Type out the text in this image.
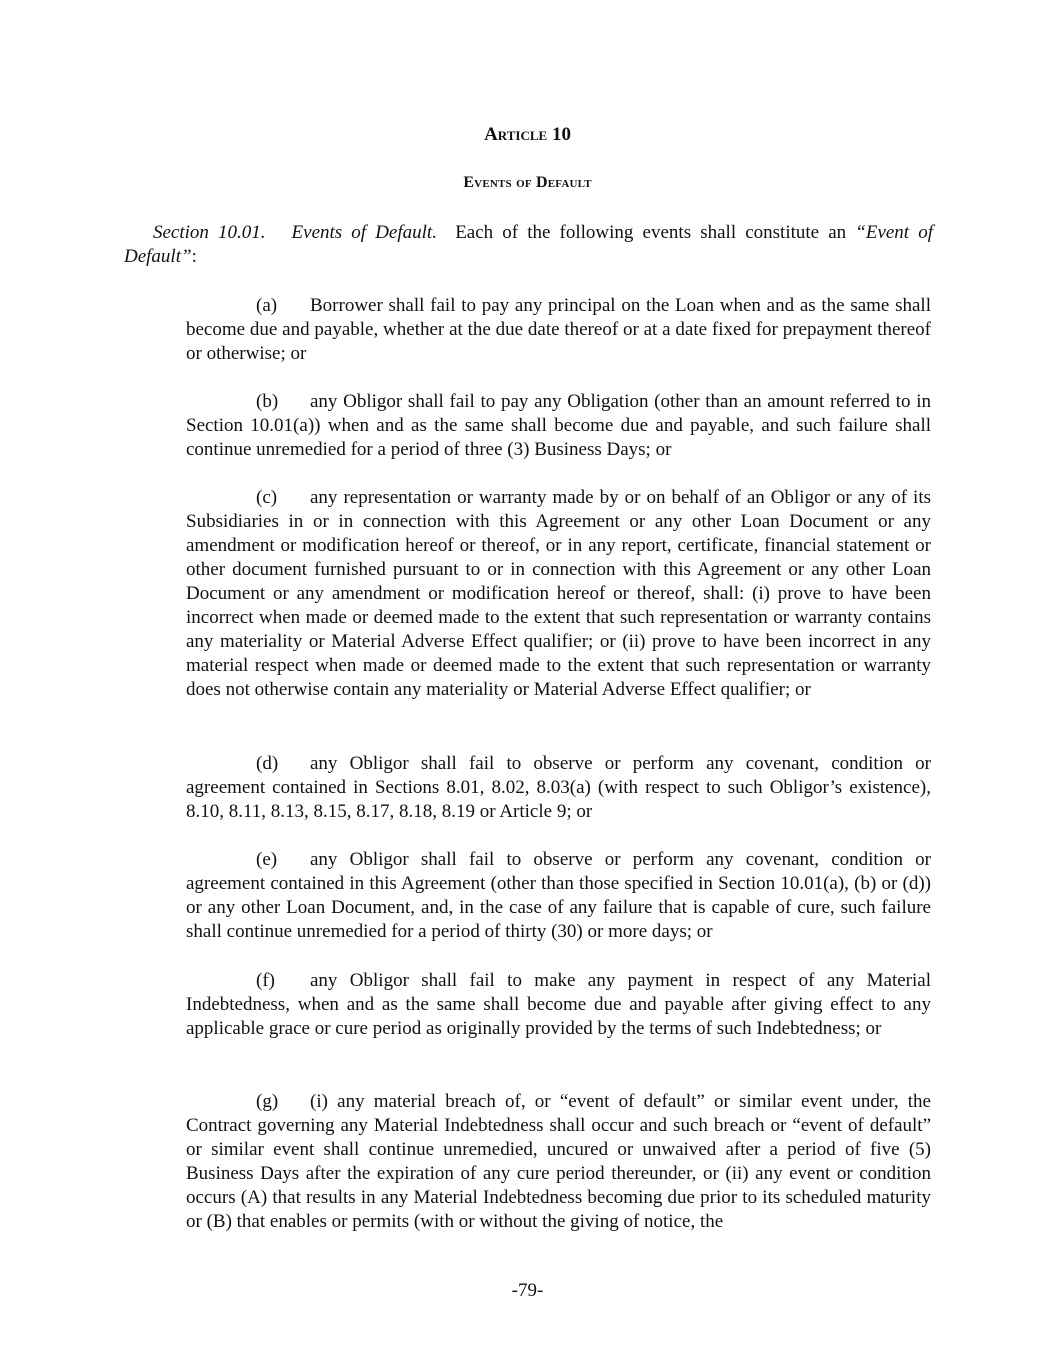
Article 10
Events of Default
Section 10.01. Events of Default. Each of the following events shall constitute an “Event of Default”:
(a) Borrower shall fail to pay any principal on the Loan when and as the same shall become due and payable, whether at the due date thereof or at a date fixed for prepayment thereof or otherwise; or
(b) any Obligor shall fail to pay any Obligation (other than an amount referred to in Section 10.01(a)) when and as the same shall become due and payable, and such failure shall continue unremedied for a period of three (3) Business Days; or
(c) any representation or warranty made by or on behalf of an Obligor or any of its Subsidiaries in or in connection with this Agreement or any other Loan Document or any amendment or modification hereof or thereof, or in any report, certificate, financial statement or other document furnished pursuant to or in connection with this Agreement or any other Loan Document or any amendment or modification hereof or thereof, shall: (i) prove to have been incorrect when made or deemed made to the extent that such representation or warranty contains any materiality or Material Adverse Effect qualifier; or (ii) prove to have been incorrect in any material respect when made or deemed made to the extent that such representation or warranty does not otherwise contain any materiality or Material Adverse Effect qualifier; or
(d) any Obligor shall fail to observe or perform any covenant, condition or agreement contained in Sections 8.01, 8.02, 8.03(a) (with respect to such Obligor’s existence), 8.10, 8.11, 8.13, 8.15, 8.17, 8.18, 8.19 or Article 9; or
(e) any Obligor shall fail to observe or perform any covenant, condition or agreement contained in this Agreement (other than those specified in Section 10.01(a), (b) or (d)) or any other Loan Document, and, in the case of any failure that is capable of cure, such failure shall continue unremedied for a period of thirty (30) or more days; or
(f) any Obligor shall fail to make any payment in respect of any Material Indebtedness, when and as the same shall become due and payable after giving effect to any applicable grace or cure period as originally provided by the terms of such Indebtedness; or
(g) (i) any material breach of, or “event of default” or similar event under, the Contract governing any Material Indebtedness shall occur and such breach or “event of default” or similar event shall continue unremedied, uncured or unwaived after a period of five (5) Business Days after the expiration of any cure period thereunder, or (ii) any event or condition occurs (A) that results in any Material Indebtedness becoming due prior to its scheduled maturity or (B) that enables or permits (with or without the giving of notice, the
-79-
